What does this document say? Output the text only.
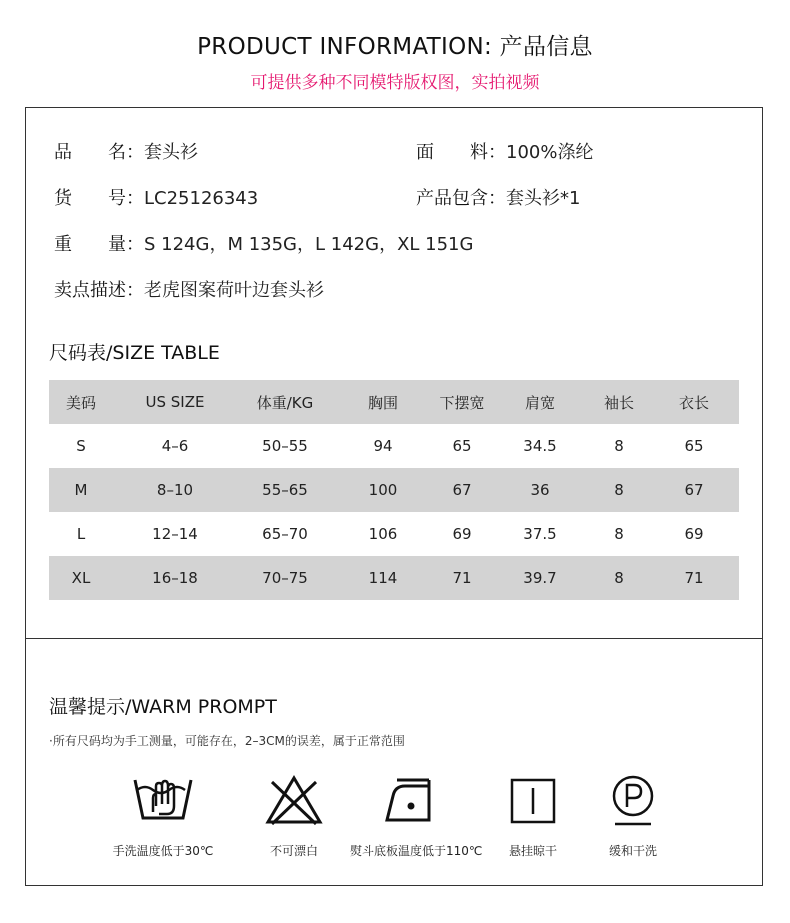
PRODUCT INFORMATION: 产品信息
可提供多种不同模特版权图，实拍视频
品　　名：套头衫	面　　料：100%涤纶
货　　号：LC25126343	产品包含：套头衫*1
重　　量：S 124G，M 135G，L 142G，XL 151G
卖点描述：老虎图案荷叶边套头衫
尺码表/SIZE TABLE
美码	US SIZE	体重/KG	胸围	下摆宽	肩宽	袖长	衣长
S	4–6	50–55	94	65	34.5	8	65
M	8–10	55–65	100	67	36	8	67
L	12–14	65–70	106	69	37.5	8	69
XL	16–18	70–75	114	71	39.7	8	71
温馨提示/WARM PROMPT
·所有尺码均为手工测量，可能存在，2–3CM的误差，属于正常范围
手洗温度低于30℃	不可漂白	熨斗底板温度低于110℃	悬挂晾干	缓和干洗
